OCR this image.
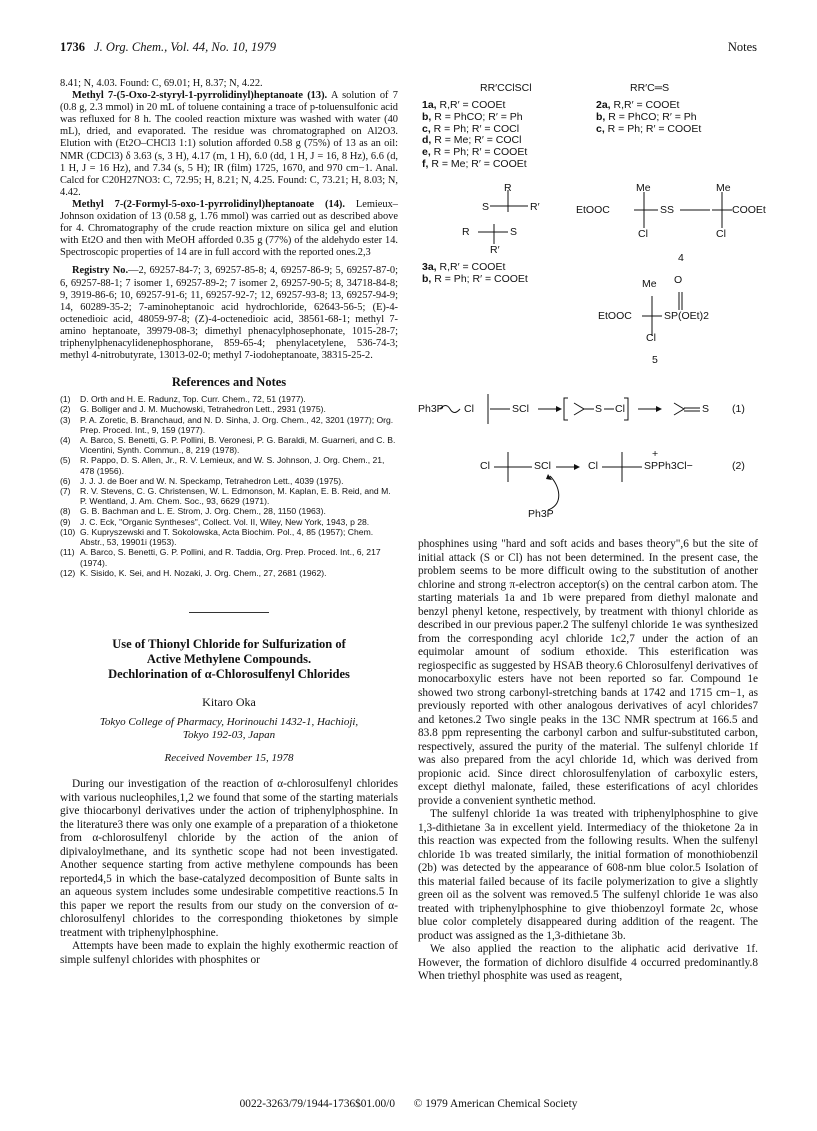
1736 J. Org. Chem., Vol. 44, No. 10, 1979	Notes

8.41; N, 4.03. Found: C, 69.01; H, 8.37; N, 4.22.

Methyl 7-(5-Oxo-2-styryl-1-pyrrolidinyl)heptanoate (13). A solution of 7 (0.8 g, 2.3 mmol) in 20 mL of toluene containing a trace of p-toluensulfonic acid was refluxed for 8 h. The cooled reaction mixture was washed with water (40 mL), dried, and evaporated. The residue was chromatographed on Al2O3. Elution with (Et2O–CHCl3 1:1) solution afforded 0.58 g (75%) of 13 as an oil: NMR (CDCl3) δ 3.63 (s, 3 H), 4.17 (m, 1 H), 6.0 (dd, 1 H, J = 16, 8 Hz), 6.6 (d, 1 H, J = 16 Hz), and 7.34 (s, 5 H); IR (film) 1725, 1670, and 970 cm−1. Anal. Calcd for C20H27NO3: C, 72.95; H, 8.21; N, 4.25. Found: C, 73.21; H, 8.03; N, 4.42.

Methyl 7-(2-Formyl-5-oxo-1-pyrrolidinyl)heptanoate (14). Lemieux–Johnson oxidation of 13 (0.58 g, 1.76 mmol) was carried out as described above for 4. Chromatography of the crude reaction mixture on silica gel and elution with Et2O and then with MeOH afforded 0.35 g (77%) of the aldehydo ester 14. Spectroscopic properties of 14 are in full accord with the reported ones.2,3

Registry No.—2, 69257-84-7; 3, 69257-85-8; 4, 69257-86-9; 5, 69257-87-0; 6, 69257-88-1; 7 isomer 1, 69257-89-2; 7 isomer 2, 69257-90-5; 8, 34718-84-8; 9, 3919-86-6; 10, 69257-91-6; 11, 69257-92-7; 12, 69257-93-8; 13, 69257-94-9; 14, 60289-35-2; 7-aminoheptanoic acid hydrochloride, 62643-56-5; (E)-4-octenedioic acid, 48059-97-8; (Z)-4-octenedioic acid, 38561-68-1; methyl 7-amino heptanoate, 39979-08-3; dimethyl phenacylphosephonate, 1015-28-7; triphenylphenacylidenephosphorane, 859-65-4; phenylacetylene, 536-74-3; methyl 4-nitrobutyrate, 13013-02-0; methyl 7-iodoheptanoate, 38315-25-2.

References and Notes
(1)	D. Orth and H. E. Radunz, Top. Curr. Chem., 72, 51 (1977).
(2)	G. Bolliger and J. M. Muchowski, Tetrahedron Lett., 2931 (1975).
(3)	P. A. Zoretic, B. Branchaud, and N. D. Sinha, J. Org. Chem., 42, 3201 (1977); Org. Prep. Proced. Int., 9, 159 (1977).
(4)	A. Barco, S. Benetti, G. P. Pollini, B. Veronesi, P. G. Baraldi, M. Guarneri, and C. B. Vicentini, Synth. Commun., 8, 219 (1978).
(5)	R. Pappo, D. S. Allen, Jr., R. V. Lemieux, and W. S. Johnson, J. Org. Chem., 21, 478 (1956).
(6)	J. J. J. de Boer and W. N. Speckamp, Tetrahedron Lett., 4039 (1975).
(7)	R. V. Stevens, C. G. Christensen, W. L. Edmonson, M. Kaplan, E. B. Reid, and M. P. Wentland, J. Am. Chem. Soc., 93, 6629 (1971).
(8)	G. B. Bachman and L. E. Strom, J. Org. Chem., 28, 1150 (1963).
(9)	J. C. Eck, "Organic Syntheses", Collect. Vol. II, Wiley, New York, 1943, p 28.
(10) G. Kupryszewski and T. Sokolowska, Acta Biochim. Pol., 4, 85 (1957); Chem. Abstr., 53, 19901i (1953).
(11) A. Barco, S. Benetti, G. P. Pollini, and R. Taddia, Org. Prep. Proced. Int., 6, 217 (1974).
(12) K. Sisido, K. Sei, and H. Nozaki, J. Org. Chem., 27, 2681 (1962).
Use of Thionyl Chloride for Sulfurization of
Active Methylene Compounds.
Dechlorination of α-Chlorosulfenyl Chlorides
Kitaro Oka
Tokyo College of Pharmacy, Horinouchi 1432-1, Hachioji,
Tokyo 192-03, Japan
Received November 15, 1978

During our investigation of the reaction of α-chlorosulfenyl chlorides with various nucleophiles,1,2 we found that some of the starting materials give thiocarbonyl derivatives under the action of triphenylphosphine. In the literature3 there was only one example of a preparation of a thioketone from α-chlorosulfenyl chloride by the action of the anion of dipivaloylmethane, and its synthetic scope had not been investigated. Another sequence starting from active methylene compounds has been reported4,5 in which the base-catalyzed decomposition of Bunte salts in an aqueous system includes some undesirable competitive reactions.5 In this paper we report the results from our study on the conversion of α-chlorosulfenyl chlorides to the corresponding thioketones by simple treatment with triphenylphosphine.

Attempts have been made to explain the highly exothermic reaction of simple sulfenyl chlorides with phosphites or

RR′CClSCl	RR′C═S
1a, R,R′ = COOEt
b, R = PhCO; R′ = Ph
c, R = Ph; R′ = COCl
d, R = Me; R′ = COCl
e, R = Ph; R′ = COOEt
f, R = Me; R′ = COOEt
2a, R,R′ = COOEt
b, R = PhCO; R′ = Ph
c, R = Ph; R′ = COOEt
R
S	R′
R	S
R′
3a, R,R′ = COOEt
b, R = Ph; R′ = COOEt
Me	Me
EtOOC	SS	COOEt
Cl	Cl
4
Me O
EtOOC	SP(OEt)2
Cl
5
Ph3P Cl	SCl	S Cl	S (1)
Cl	SCl	Cl
+
SPPh3Cl−	(2)
Ph3P

phosphines using "hard and soft acids and bases theory",6 but the site of initial attack (S or Cl) has not been determined. In the present case, the problem seems to be more difficult owing to the substitution of another chlorine and strong π-electron acceptor(s) on the central carbon atom. The starting materials 1a and 1b were prepared from diethyl malonate and benzyl phenyl ketone, respectively, by treatment with thionyl chloride as described in our previous paper.2 The sulfenyl chloride 1e was synthesized from the corresponding acyl chloride 1c2,7 under the action of an equimolar amount of sodium ethoxide. This esterification was regiospecific as suggested by HSAB theory.6 Chlorosulfenyl derivatives of monocarboxylic esters have not been reported so far. Compound 1e showed two strong carbonyl-stretching bands at 1742 and 1715 cm−1, as previously reported with other analogous derivatives of acyl chlorides7 and ketones.2 Two single peaks in the 13C NMR spectrum at 166.5 and 83.8 ppm representing the carbonyl carbon and sulfur-substituted carbon, respectively, assured the purity of the material. The sulfenyl chloride 1f was also prepared from the acyl chloride 1d, which was derived from propionic acid. Since direct chlorosulfenylation of carboxylic esters, except diethyl malonate, failed, these esterifications of acyl chlorides provide a convenient synthetic method.

The sulfenyl chloride 1a was treated with triphenylphosphine to give 1,3-dithietane 3a in excellent yield. Intermediacy of the thioketone 2a in this reaction was expected from the following results. When the sulfenyl chloride 1b was treated similarly, the initial formation of monothiobenzil (2b) was detected by the appearance of 608-nm blue color.5 Isolation of this material failed because of its facile polymerization to give a slightly green oil as the solvent was removed.5 The sulfenyl chloride 1e was also treated with triphenylphosphine to give thiobenzoyl formate 2c, whose blue color completely disappeared during addition of the reagent. The product was assigned as the 1,3-dithietane 3b.

We also applied the reaction to the aliphatic acid derivative 1f. However, the formation of dichloro disulfide 4 occurred predominantly.8 When triethyl phosphite was used as reagent,

0022-3263/79/1944-1736$01.00/0 © 1979 American Chemical Society
